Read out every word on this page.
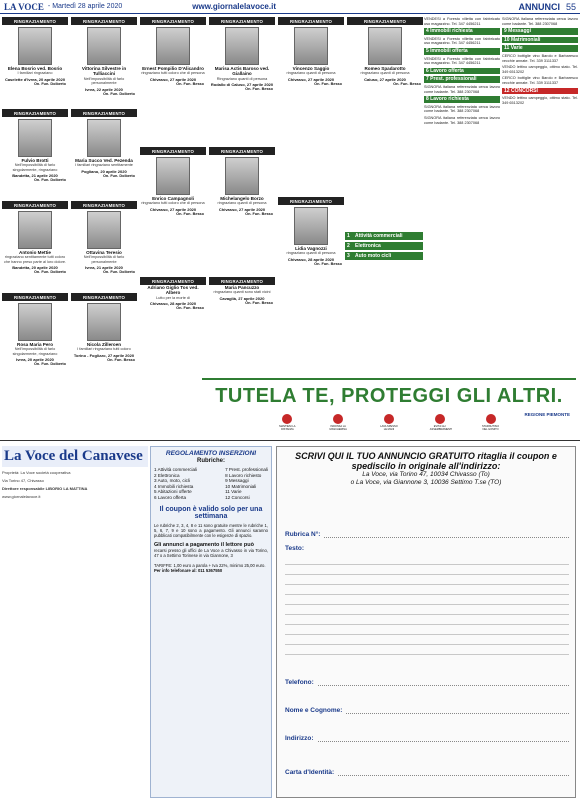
LA VOCE - Martedì 28 aprile 2020	www.giornalelavoce.it	ANNUNCI 55
RINGRAZIAMENTO
Elena Bosrio ved. Bosrio
I familiari ringraziano
Caselette d'Ivrea, 20 aprile 2020
On. Fun. Dolberto
RINGRAZIAMENTO
Fulvio Brotti
Nell'impossibilità di farlo singolarmente, ringraziano
Bandetta, 21 aprile 2020
On. Fun. Dolberto
RINGRAZIAMENTO
Antonio Mettie
ringraziano sentitamente tutti coloro che hanno preso parte al loro dolore.
Bandetta, 20 aprile 2020
On. Fun. Dolberto
RINGRAZIAMENTO
Rosa Maria Pero
Nell'impossibilità di farlo singolarmente, ringraziano
Ivrea, 20 aprile 2020
On. Fun. Dolberto
RINGRAZIAMENTO
Vittorina Silvestre in Tulliaccini
Nell'impossibilità di farlo personalmente
Ivrea, 22 aprile 2020
On. Fun. Dolberto
RINGRAZIAMENTO
Maria Succo Ved. Pezenda
I familiari ringraziano sentitamente
Pogliano, 20 aprile 2020
On. Fun. Dolberto
RINGRAZIAMENTO
Ottavina Teresio
Nell'impossibilità di farlo personalmente
Ivrea, 21 aprile 2020
On. Fun. Dolberto
RINGRAZIAMENTO
Nicola Zilleroen
I familiari ringraziano tutti coloro
Torino - Foglizzo, 27 aprile 2020
On. Fun. Besso
RINGRAZIAMENTO
Ernest Pompilio D'Alicandro
ringraziano tutti coloro che di persona
Chivasso, 27 aprile 2020
On. Fun. Besso
RINGRAZIAMENTO
Enrico Campagnoli
ringraziano tutti coloro che di persona
Chivasso, 27 aprile 2020
On. Fun. Besso
RINGRAZIAMENTO
Adriano Giglio Tos ved. Albero
Lutto per la morte di
Chivasso, 28 aprile 2020
On. Fun. Besso
RINGRAZIAMENTO
Marisa Actis Baroso ved. Giallaino
Ringraziano quanti di persona
Rodallo di Caluso, 27 aprile 2020
On. Fun. Besso
RINGRAZIAMENTO
Michelangelo Borzo
ringraziano quanti di persona
Chivasso, 27 aprile 2020
On. Fun. Besso
RINGRAZIAMENTO
Maria Pancuzzo
ringraziano quanti sono stati vicini
Cavaglià, 27 aprile 2020
On. Fun. Besso
RINGRAZIAMENTO
Vincenzo Saggio
ringraziano quanti di persona
Chivasso, 27 aprile 2020
On. Fun. Besso
RINGRAZIAMENTO
Lidia Vagnozzi
ringraziano quanti di persona
Chivasso, 28 aprile 2020
On. Fun. Besso
RINGRAZIAMENTO
Romeo Spadarotto
ringraziano quanti di persona
Caluso, 27 aprile 2020
On. Fun. Besso
1	Attività commerciali
2	Elettronica
3	Auto moto cicli
VENDESI a Foresto villetta con fabbricato uso magazzino. Tel. 347 4456211
4 Immobili richiesta
VENDESI a Foresto villetta con fabbricato uso magazzino. Tel. 347 4456211
5 Immobili offerta
VENDESI a Foresto villetta con fabbricato uso magazzino. Tel. 347 4456211
6 Lavoro offerta
7 Prest. professionali
SIGNORA italiana referenziata cerca lavoro come badante. Tel. 388 2307068
8 Lavoro richiesta
SIGNORA italiana referenziata cerca lavoro come badante. Tel. 388 2307068
SIGNORA italiana referenziata cerca lavoro come badante. Tel. 388 2307068
SIGNORA italiana referenziata cerca lavoro come badante. Tel. 388 2307068
9 Messaggi
10 Matrimoniali
11 Varie
CERCO bottiglie vino Barolo e Barbaresco vecchie annate. Tel. 339 3111337
VENDO lettino campeggio, ottimo stato. Tel. 349 6513202
CERCO bottiglie vino Barolo e Barbaresco vecchie annate. Tel. 339 3111337
12 CONCORSI
VENDO lettino campeggio, ottimo stato. Tel. 349 6513202
TUTELA TE, PROTEGGI GLI ALTRI.
MANTIENI LA DISTANZA
INDOSSA LA MASCHERINA
LAVA SPESSO LE MANI
EVITA GLI ASSEMBRAMENTI
STARNUTISCI NEL GOMITO
REGIONE PIEMONTE
La Voce del Canavese
Proprietà: La Voce società cooperativa
Via Torino 47, Chivasso
Direttore responsabile LIBORIO LA MATTINA
www.giornalelavoce.it
REGOLAMENTO INSERZIONI
Rubriche:
1 Attività commerciali
2 Elettronica
3 Auto, moto, cicli
4 Immobili richiesta
5 Abitazioni offerte
6 Lavoro offerta
7 Prest. professionali
8 Lavoro richiesto
9 Messaggi
10 Matrimoniali
11 Varie
12 Concorsi
Il coupon è valido solo per una settimana
Le rubriche 2, 3, 4, 8 e 11 sono gratuite mentre le rubriche 1, 5, 6, 7, 9 e 10 sono a pagamento. Gli annunci saranno pubblicati compatibilmente con le esigenze di spazio.
Gli annunci a pagamento il lettore può
recarsi presso gli uffici de La Voce a Chivasso in via Torino, 47 o a Settimo Torinese in via Giannone, 3
TARIFFE: 1,00 euro a parola + Iva 22%, minimo 25,00 euro.
Per info telefonare al: 011 5367550
SCRIVI QUI IL TUO ANNUNCIO GRATUITO ritaglia il coupon e spediscilo in originale all'indirizzo:
La Voce, via Torino 47, 10034 Chivasso (To)
o La Voce, via Giannone 3, 10036 Settimo T.se (TO)
Rubrica N°:
Testo:
Telefono:
Nome e Cognome:
Indirizzo:
Carta d'Identità:
